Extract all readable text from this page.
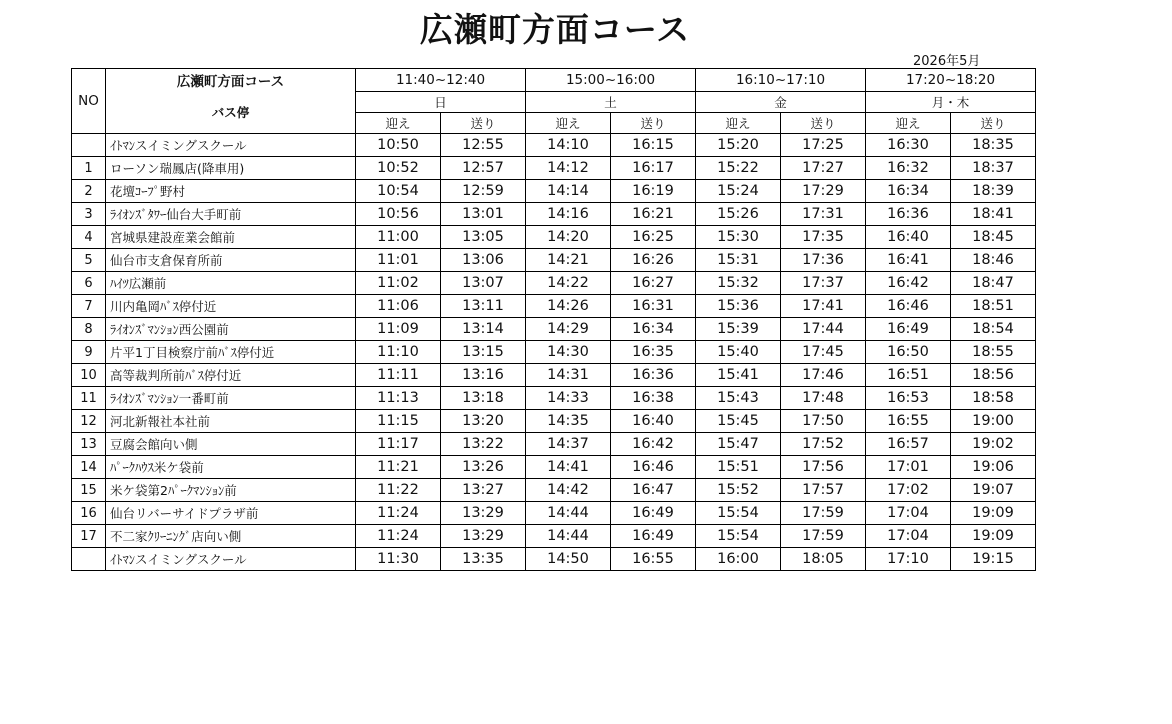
広瀬町方面コース
2026年5月
NO	広瀬町方面コース	11:40~12:40		15:00~16:00		16:10~17:10		17:20~18:20	
	バス停	日		土		金		月・木	
		迎え	送り	迎え	送り	迎え	送り	迎え	送り
	ｲﾄﾏﾝスイミングスクール	10:50	12:55	14:10	16:15	15:20	17:25	16:30	18:35
1	ローソン瑞鳳店(降車用)	10:52	12:57	14:12	16:17	15:22	17:27	16:32	18:37
2	花壇ｺｰﾌﾟ野村	10:54	12:59	14:14	16:19	15:24	17:29	16:34	18:39
3	ﾗｲｵﾝｽﾞﾀﾜｰ仙台大手町前	10:56	13:01	14:16	16:21	15:26	17:31	16:36	18:41
4	宮城県建設産業会館前	11:00	13:05	14:20	16:25	15:30	17:35	16:40	18:45
5	仙台市支倉保育所前	11:01	13:06	14:21	16:26	15:31	17:36	16:41	18:46
6	ﾊｲﾂ広瀬前	11:02	13:07	14:22	16:27	15:32	17:37	16:42	18:47
7	川内亀岡ﾊﾞｽ停付近	11:06	13:11	14:26	16:31	15:36	17:41	16:46	18:51
8	ﾗｲｵﾝｽﾞﾏﾝｼｮﾝ西公園前	11:09	13:14	14:29	16:34	15:39	17:44	16:49	18:54
9	片平1丁目検察庁前ﾊﾞｽ停付近	11:10	13:15	14:30	16:35	15:40	17:45	16:50	18:55
10	高等裁判所前ﾊﾞｽ停付近	11:11	13:16	14:31	16:36	15:41	17:46	16:51	18:56
11	ﾗｲｵﾝｽﾞﾏﾝｼｮﾝ一番町前	11:13	13:18	14:33	16:38	15:43	17:48	16:53	18:58
12	河北新報社本社前	11:15	13:20	14:35	16:40	15:45	17:50	16:55	19:00
13	豆腐会館向い側	11:17	13:22	14:37	16:42	15:47	17:52	16:57	19:02
14	ﾊﾟｰｸﾊｳｽ米ケ袋前	11:21	13:26	14:41	16:46	15:51	17:56	17:01	19:06
15	米ケ袋第2ﾊﾟｰｸﾏﾝｼｮﾝ前	11:22	13:27	14:42	16:47	15:52	17:57	17:02	19:07
16	仙台リバーサイドプラザ前	11:24	13:29	14:44	16:49	15:54	17:59	17:04	19:09
17	不二家ｸﾘｰﾆﾝｸﾞ店向い側	11:24	13:29	14:44	16:49	15:54	17:59	17:04	19:09
	ｲﾄﾏﾝスイミングスクール	11:30	13:35	14:50	16:55	16:00	18:05	17:10	19:15
